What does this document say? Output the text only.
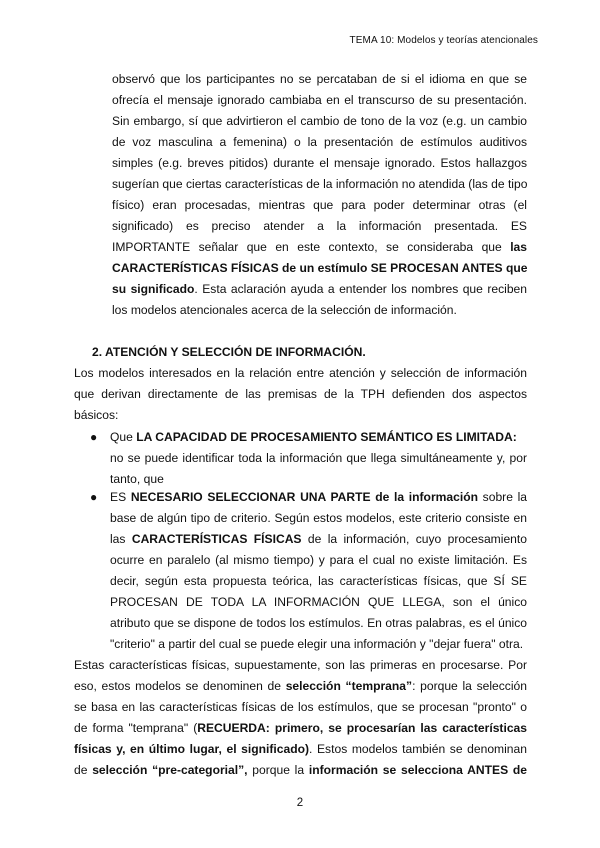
TEMA 10: Modelos y teorías atencionales
observó que los participantes no se percataban de si el idioma en que se
ofrecía el mensaje ignorado cambiaba en el transcurso de su presentación.
Sin embargo, sí que advirtieron el cambio de tono de la voz (e.g. un cambio
de voz masculina a femenina) o la presentación de estímulos auditivos
simples (e.g. breves pitidos) durante el mensaje ignorado. Estos hallazgos
sugerían que ciertas características de la información no atendida (las de tipo
físico) eran procesadas, mientras que para poder determinar otras (el
significado) es preciso atender a la información presentada. ES
IMPORTANTE señalar que en este contexto, se consideraba que las
CARACTERÍSTICAS FÍSICAS de un estímulo SE PROCESAN ANTES que
su significado. Esta aclaración ayuda a entender los nombres que reciben
los modelos atencionales acerca de la selección de información.
2. ATENCIÓN Y SELECCIÓN DE INFORMACIÓN.
Los modelos interesados en la relación entre atención y selección de información
que derivan directamente de las premisas de la TPH defienden dos aspectos
básicos:
● Que LA CAPACIDAD DE PROCESAMIENTO SEMÁNTICO ES LIMITADA:
no se puede identificar toda la información que llega simultáneamente y, por
tanto, que
● ES NECESARIO SELECCIONAR UNA PARTE de la información sobre la
base de algún tipo de criterio. Según estos modelos, este criterio consiste en
las CARACTERÍSTICAS FÍSICAS de la información, cuyo procesamiento
ocurre en paralelo (al mismo tiempo) y para el cual no existe limitación. Es
decir, según esta propuesta teórica, las características físicas, que SÍ SE
PROCESAN DE TODA LA INFORMACIÓN QUE LLEGA, son el único
atributo que se dispone de todos los estímulos. En otras palabras, es el único
"criterio" a partir del cual se puede elegir una información y "dejar fuera" otra.
Estas características físicas, supuestamente, son las primeras en procesarse. Por
eso, estos modelos se denominen de selección “temprana”: porque la selección
se basa en las características físicas de los estímulos, que se procesan "pronto" o
de forma "temprana" (RECUERDA: primero, se procesarían las características
físicas y, en último lugar, el significado). Estos modelos también se denominan
de selección “pre-categorial”, porque la información se selecciona ANTES de
2
